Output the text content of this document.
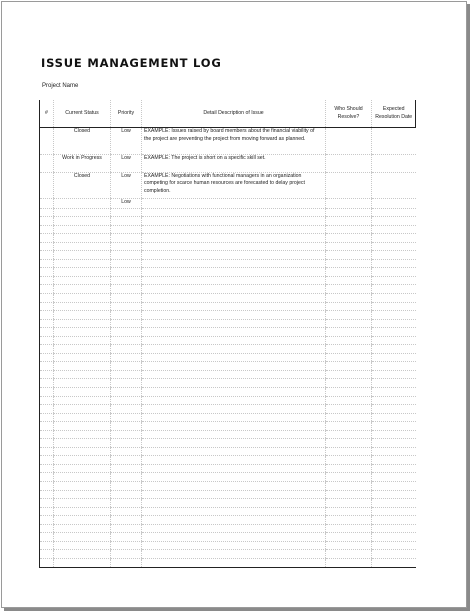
ISSUE MANAGEMENT LOG
Project Name
#	Current Status	Priority	Detail Description of Issue	Who Should Resolve?	Expected Resolution Date
	Closed	Low	EXAMPLE: Issues raised by board members about the financial viability of the project are preventing the project from moving forward as planned.		
	Work in Progress	Low	EXAMPLE: The project is short on a specific skill set.		
	Closed	Low	EXAMPLE: Negotiations with functional managers in an organization competing for scarce human resources are forecasted to delay project completion.		
		Low			
